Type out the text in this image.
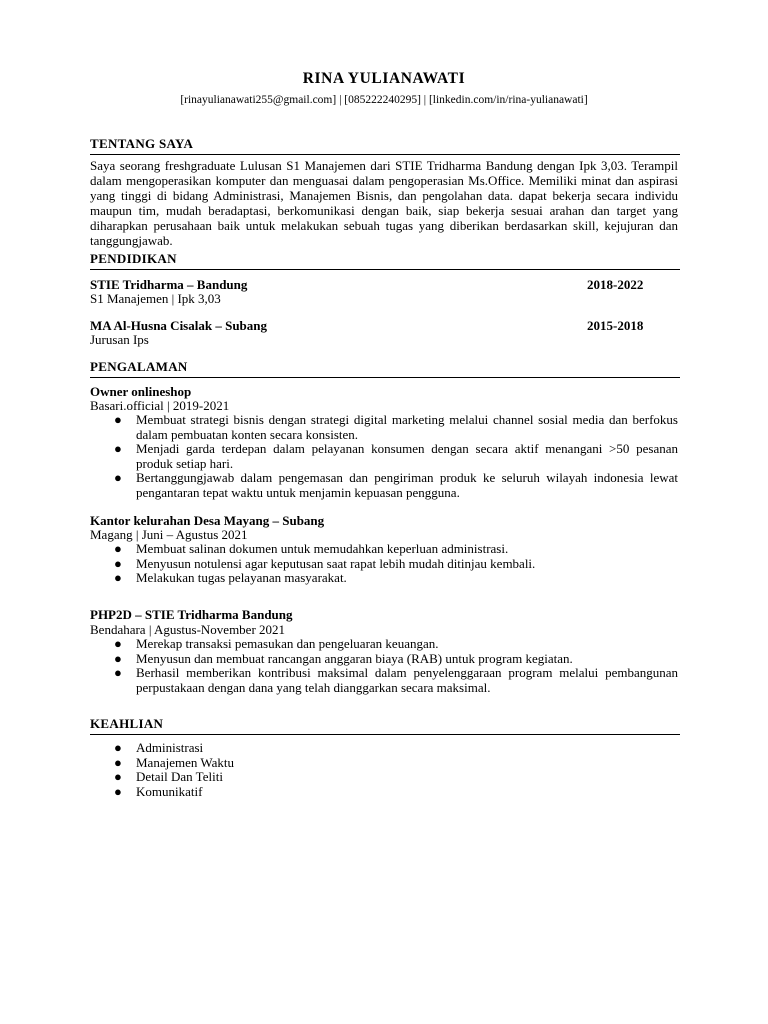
RINA YULIANAWATI
[rinayulianawati255@gmail.com] | [085222240295] | [linkedin.com/in/rina-yulianawati]
TENTANG SAYA
Saya seorang freshgraduate Lulusan S1 Manajemen dari STIE Tridharma Bandung dengan Ipk 3,03. Terampil dalam mengoperasikan komputer dan menguasai dalam pengoperasian Ms.Office. Memiliki minat dan aspirasi yang tinggi di bidang Administrasi, Manajemen Bisnis, dan pengolahan data. dapat bekerja secara individu maupun tim, mudah beradaptasi, berkomunikasi dengan baik, siap bekerja sesuai arahan dan target yang diharapkan perusahaan baik untuk melakukan sebuah tugas yang diberikan berdasarkan skill, kejujuran dan tanggungjawab.
PENDIDIKAN
STIE Tridharma – Bandung	2018-2022
S1 Manajemen | Ipk 3,03
MA Al-Husna Cisalak – Subang	2015-2018
Jurusan Ips
PENGALAMAN
Owner onlineshop
Basari.official | 2019-2021
● Membuat strategi bisnis dengan strategi digital marketing melalui channel sosial media dan berfokus dalam pembuatan konten secara konsisten.
● Menjadi garda terdepan dalam pelayanan konsumen dengan secara aktif menangani >50 pesanan produk setiap hari.
● Bertanggungjawab dalam pengemasan dan pengiriman produk ke seluruh wilayah indonesia lewat pengantaran tepat waktu untuk menjamin kepuasan pengguna.
Kantor kelurahan Desa Mayang – Subang
Magang | Juni – Agustus 2021
● Membuat salinan dokumen untuk memudahkan keperluan administrasi.
● Menyusun notulensi agar keputusan saat rapat lebih mudah ditinjau kembali.
● Melakukan tugas pelayanan masyarakat.
PHP2D – STIE Tridharma Bandung
Bendahara | Agustus-November 2021
● Merekap transaksi pemasukan dan pengeluaran keuangan.
● Menyusun dan membuat rancangan anggaran biaya (RAB) untuk program kegiatan.
● Berhasil memberikan kontribusi maksimal dalam penyelenggaraan program melalui pembangunan perpustakaan dengan dana yang telah dianggarkan secara maksimal.
KEAHLIAN
● Administrasi
● Manajemen Waktu
● Detail Dan Teliti
● Komunikatif
